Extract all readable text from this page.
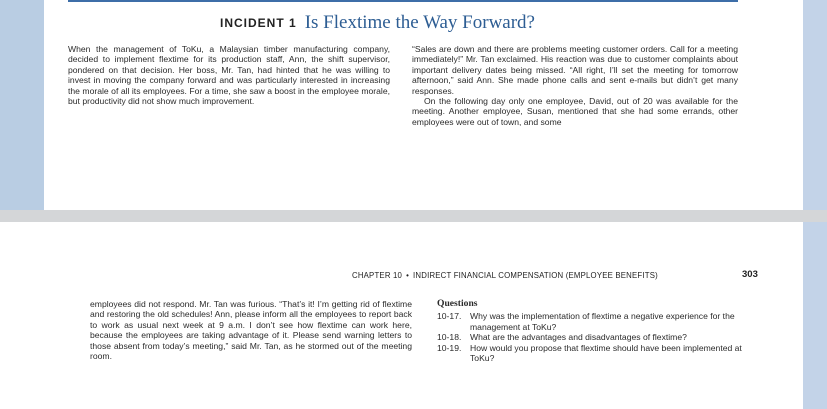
INCIDENT 1 Is Flextime the Way Forward?

When the management of ToKu, a Malaysian timber manufacturing company, decided to implement flextime for its production staff, Ann, the shift supervisor, pondered on that decision. Her boss, Mr. Tan, had hinted that he was willing to invest in moving the company forward and was particularly interested in increasing the morale of all its employees. For a time, she saw a boost in the employee morale, but productivity did not show much improvement.

“Sales are down and there are problems meeting customer orders. Call for a meeting immediately!” Mr. Tan exclaimed. His reaction was due to customer complaints about important delivery dates being missed. “All right, I’ll set the meeting for tomorrow afternoon,” said Ann. She made phone calls and sent e-mails but didn’t get many responses.

On the following day only one employee, David, out of 20 was available for the meeting. Another employee, Susan, mentioned that she had some errands, other employees were out of town, and some

CHAPTER 10 • INDIRECT FINANCIAL COMPENSATION (EMPLOYEE BENEFITS)	303

employees did not respond. Mr. Tan was furious. “That’s it! I’m getting rid of flextime and restoring the old schedules! Ann, please inform all the employees to report back to work as usual next week at 9 a.m. I don’t see how flextime can work here, because the employees are taking advantage of it. Please send warning letters to those absent from today’s meeting,” said Mr. Tan, as he stormed out of the meeting room.

Questions
10-17.	Why was the implementation of flextime a negative experience for the management at ToKu?
10-18.	What are the advantages and disadvantages of flextime?
10-19.	How would you propose that flextime should have been implemented at ToKu?
